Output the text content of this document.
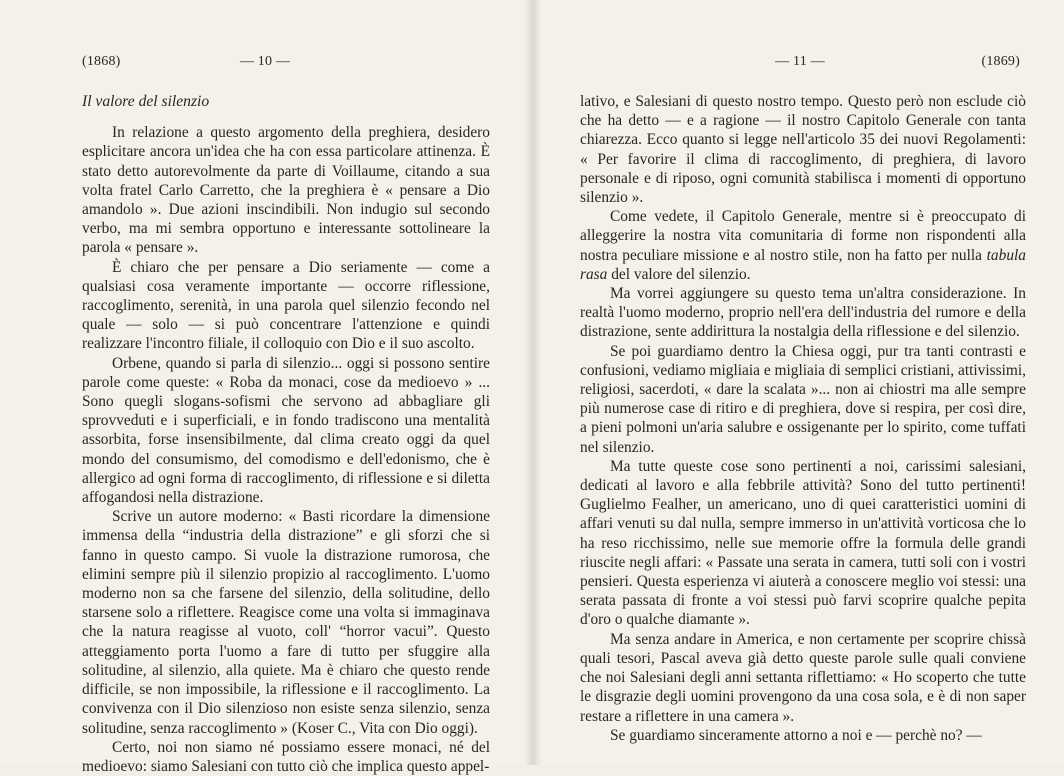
(1868)	— 10 —
Il valore del silenzio

In relazione a questo argomento della preghiera, desidero esplicitare ancora un'idea che ha con essa particolare attinenza. È stato detto autorevolmente da parte di Voillaume, citando a sua volta fratel Carlo Carretto, che la preghiera è « pensare a Dio amandolo ». Due azioni inscindibili. Non indugio sul secondo verbo, ma mi sembra opportuno e interessante sottolineare la parola « pensare ».

È chiaro che per pensare a Dio seriamente — come a qualsiasi cosa veramente importante — occorre riflessione, raccoglimento, serenità, in una parola quel silenzio fecondo nel quale — solo — si può concentrare l'attenzione e quindi realizzare l'incontro filiale, il colloquio con Dio e il suo ascolto.

Orbene, quando si parla di silenzio... oggi si possono sentire parole come queste: « Roba da monaci, cose da medioevo » ... Sono quegli slogans-sofismi che servono ad abbagliare gli sprovveduti e i superficiali, e in fondo tradiscono una mentalità assorbita, forse insensibilmente, dal clima creato oggi da quel mondo del consumismo, del comodismo e dell'edonismo, che è allergico ad ogni forma di raccoglimento, di riflessione e si diletta affogandosi nella distrazione.

Scrive un autore moderno: « Basti ricordare la dimensione immensa della “industria della distrazione” e gli sforzi che si fanno in questo campo. Si vuole la distrazione rumorosa, che elimini sempre più il silenzio propizio al raccoglimento. L'uomo moderno non sa che farsene del silenzio, della solitudine, dello starsene solo a riflettere. Reagisce come una volta si immaginava che la natura reagisse al vuoto, coll' “horror vacui”. Questo atteggiamento porta l'uomo a fare di tutto per sfuggire alla solitudine, al silenzio, alla quiete. Ma è chiaro che questo rende difficile, se non impossibile, la riflessione e il raccoglimento. La convivenza con il Dio silenzioso non esiste senza silenzio, senza solitudine, senza raccoglimento » (Koser C., Vita con Dio oggi).

Certo, noi non siamo né possiamo essere monaci, né del medioevo: siamo Salesiani con tutto ciò che implica questo appel-

— 11 —	(1869)

lativo, e Salesiani di questo nostro tempo. Questo però non esclude ciò che ha detto — e a ragione — il nostro Capitolo Generale con tanta chiarezza. Ecco quanto si legge nell'articolo 35 dei nuovi Regolamenti: « Per favorire il clima di raccoglimento, di preghiera, di lavoro personale e di riposo, ogni comunità stabilisca i momenti di opportuno silenzio ».

Come vedete, il Capitolo Generale, mentre si è preoccupato di alleggerire la nostra vita comunitaria di forme non rispondenti alla nostra peculiare missione e al nostro stile, non ha fatto per nulla tabula rasa del valore del silenzio.

Ma vorrei aggiungere su questo tema un'altra considerazione. In realtà l'uomo moderno, proprio nell'era dell'industria del rumore e della distrazione, sente addirittura la nostalgia della riflessione e del silenzio.

Se poi guardiamo dentro la Chiesa oggi, pur tra tanti contrasti e confusioni, vediamo migliaia e migliaia di semplici cristiani, attivissimi, religiosi, sacerdoti, « dare la scalata »... non ai chiostri ma alle sempre più numerose case di ritiro e di preghiera, dove si respira, per così dire, a pieni polmoni un'aria salubre e ossigenante per lo spirito, come tuffati nel silenzio.

Ma tutte queste cose sono pertinenti a noi, carissimi salesiani, dedicati al lavoro e alla febbrile attività? Sono del tutto pertinenti! Guglielmo Fealher, un americano, uno di quei caratteristici uomini di affari venuti su dal nulla, sempre immerso in un'attività vorticosa che lo ha reso ricchissimo, nelle sue memorie offre la formula delle grandi riuscite negli affari: « Passate una serata in camera, tutti soli con i vostri pensieri. Questa esperienza vi aiuterà a conoscere meglio voi stessi: una serata passata di fronte a voi stessi può farvi scoprire qualche pepita d'oro o qualche diamante ».

Ma senza andare in America, e non certamente per scoprire chissà quali tesori, Pascal aveva già detto queste parole sulle quali conviene che noi Salesiani degli anni settanta riflettiamo: « Ho scoperto che tutte le disgrazie degli uomini provengono da una cosa sola, e è di non saper restare a riflettere in una camera ».

Se guardiamo sinceramente attorno a noi e — perchè no? —
